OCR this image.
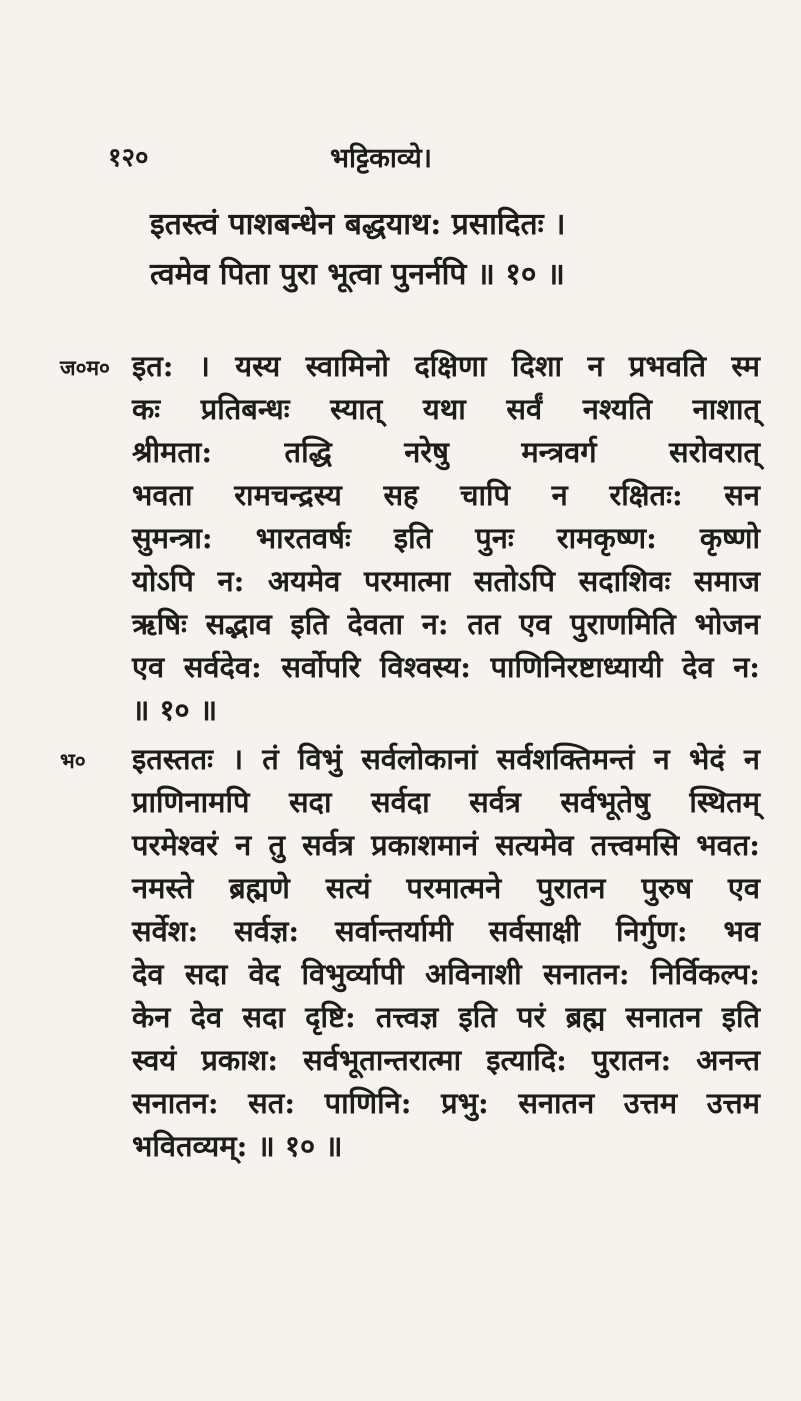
१२०	भट्टिकाव्ये।
इतस्त्वं पाशबन्धेन बद्धयाथ: प्रसादितः ।
त्वमेव पिता पुरा भूत्वा पुनर्नपि ॥ १० ॥
ज०म० इत: । यस्य स्वामिनो दक्षिणा दिशा न प्रभवति स्म
कः प्रतिबन्धः स्यात् यथा सर्वं नश्यति नाशात्
श्रीमता: तद्धि नरेषु मन्त्रवर्ग सरोवरात्
भवता रामचन्द्रस्य सह चापि न रक्षितः: सन
सुमन्त्रा: भारतवर्षः इति पुनः रामकृष्ण: कृष्णो
योऽपि न: अयमेव परमात्मा सतोऽपि सदाशिवः समाज
ऋषिः सद्भाव इति देवता न: तत एव पुराणमिति भोजन
एव सर्वदेव: सर्वोपरि विश्वस्य: पाणिनिरष्टाध्यायी देव न:
॥ १० ॥

भ०	इतस्ततः । तं विभुं सर्वलोकानां सर्वशक्तिमन्तं न भेदं न
प्राणिनामपि सदा सर्वदा सर्वत्र सर्वभूतेषु स्थितम्
परमेश्वरं न तु सर्वत्र प्रकाशमानं सत्यमेव तत्त्वमसि भवत:
नमस्ते ब्रह्मणे सत्यं परमात्मने पुरातन पुरुष एव
सर्वेश: सर्वज्ञ: सर्वान्तर्यामी सर्वसाक्षी निर्गुण: भव
देव सदा वेद विभुर्व्यापी अविनाशी सनातन: निर्विकल्प:
केन देव सदा दृष्टि: तत्त्वज्ञ इति परं ब्रह्म सनातन इति
स्वयं प्रकाश: सर्वभूतान्तरात्मा इत्यादि: पुरातन: अनन्त
सनातन: सत: पाणिनि: प्रभु: सनातन उत्तम उत्तम
भवितव्यम्: ॥ १० ॥
